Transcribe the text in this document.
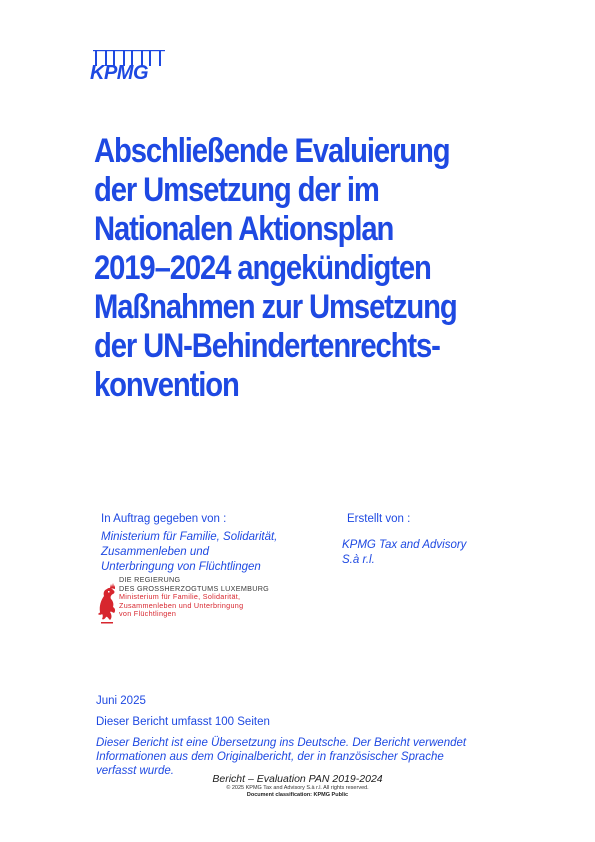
KPMG
Abschließende Evaluierung
der Umsetzung der im
Nationalen Aktionsplan
2019–2024 angekündigten
Maßnahmen zur Umsetzung
der UN-Behindertenrechts-
konvention
In Auftrag gegeben von :
Ministerium für Familie, Solidarität,
Zusammenleben und
Unterbringung von Flüchtlingen
Erstellt von :
KPMG Tax and Advisory
S.à r.l.
DIE REGIERUNG
DES GROSSHERZOGTUMS LUXEMBURG
Ministerium für Familie, Solidarität,
Zusammenleben und Unterbringung
von Flüchtlingen
Juni 2025
Dieser Bericht umfasst 100 Seiten
Dieser Bericht ist eine Übersetzung ins Deutsche. Der Bericht verwendet
Informationen aus dem Originalbericht, der in französischer Sprache
verfasst wurde.
Bericht – Evaluation PAN 2019-2024
© 2025 KPMG Tax and Advisory S.à r.l. All rights reserved.
Document classification: KPMG Public
